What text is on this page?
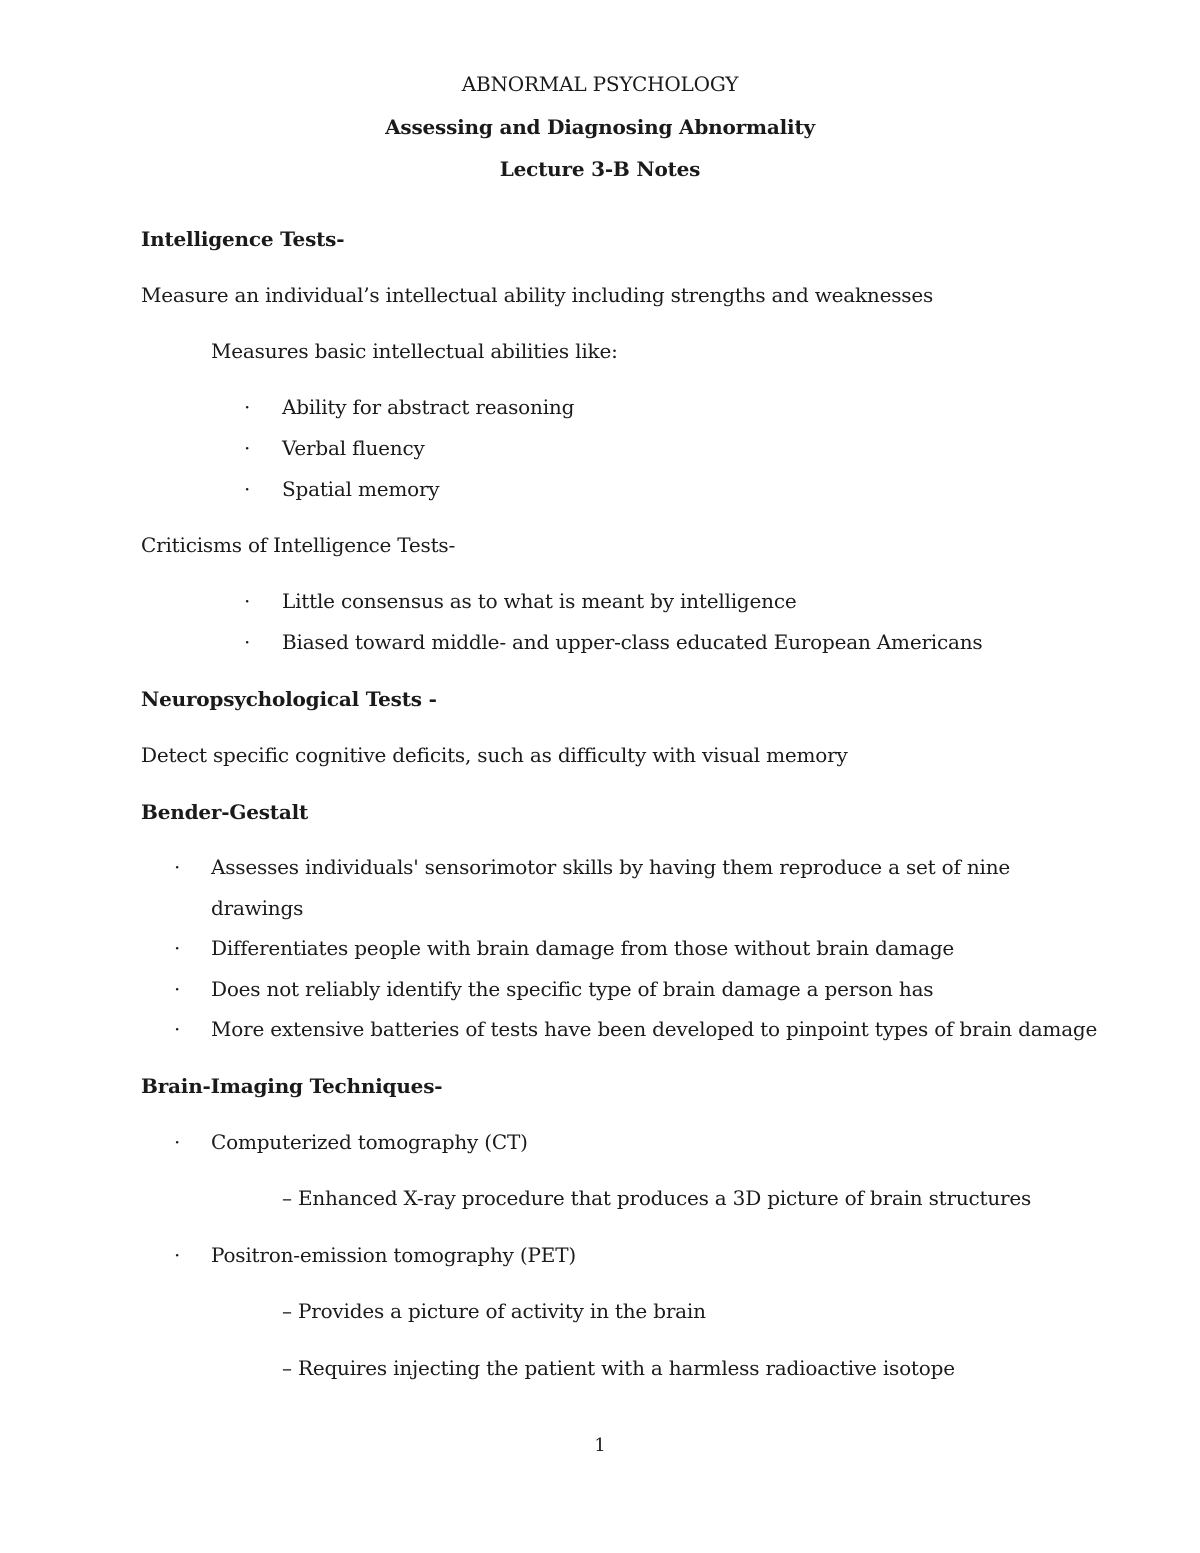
ABNORMAL PSYCHOLOGY
Assessing and Diagnosing Abnormality
Lecture 3-B Notes
Intelligence Tests-
Measure an individual’s intellectual ability including strengths and weaknesses
Measures basic intellectual abilities like:
· Ability for abstract reasoning
· Verbal fluency
· Spatial memory
Criticisms of Intelligence Tests-
· Little consensus as to what is meant by intelligence
· Biased toward middle- and upper-class educated European Americans
Neuropsychological Tests -
Detect specific cognitive deficits, such as difficulty with visual memory
Bender-Gestalt
· Assesses individuals' sensorimotor skills by having them reproduce a set of nine
drawings
· Differentiates people with brain damage from those without brain damage
· Does not reliably identify the specific type of brain damage a person has
· More extensive batteries of tests have been developed to pinpoint types of brain damage
Brain-Imaging Techniques-
· Computerized tomography (CT)
– Enhanced X-ray procedure that produces a 3D picture of brain structures
· Positron-emission tomography (PET)
– Provides a picture of activity in the brain
– Requires injecting the patient with a harmless radioactive isotope
1
